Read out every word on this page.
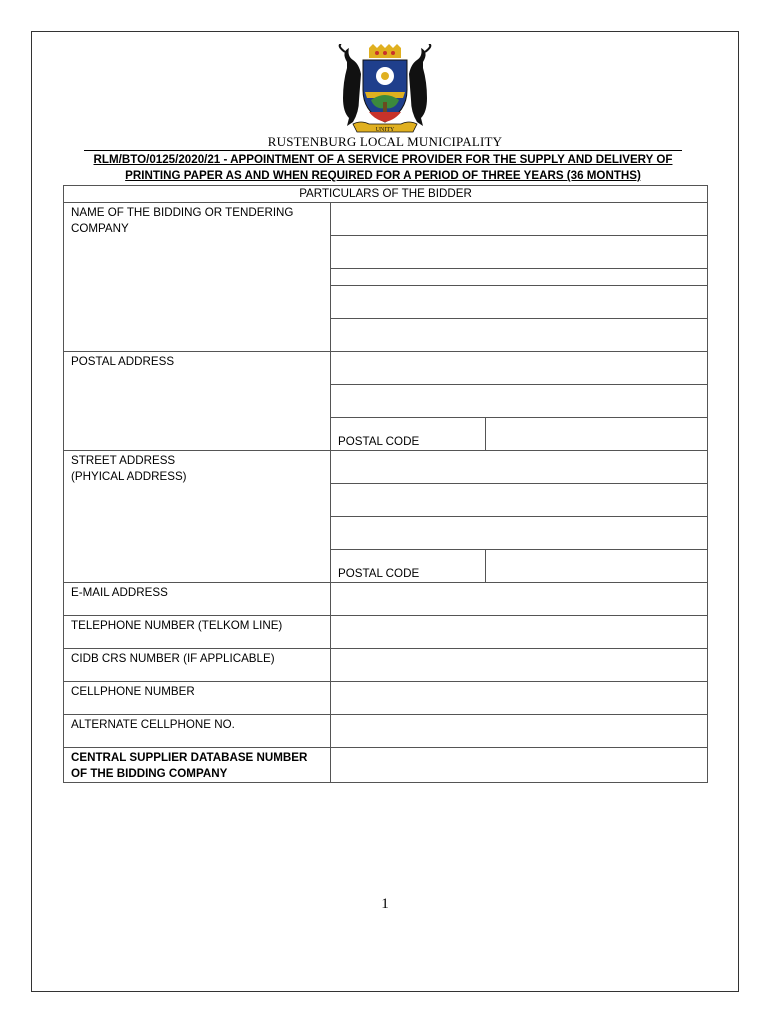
UNITY
RUSTENBURG LOCAL MUNICIPALITY
RLM/BTO/0125/2020/21 - APPOINTMENT OF A SERVICE PROVIDER FOR THE SUPPLY AND DELIVERY OF
PRINTING PAPER AS AND WHEN REQUIRED FOR A PERIOD OF THREE YEARS (36 MONTHS)
PARTICULARS OF THE BIDDER		
NAME OF THE BIDDING OR TENDERING COMPANY		

POSTAL ADDRESS		

	POSTAL CODE	
STREET ADDRESS
(PHYICAL ADDRESS)		

	POSTAL CODE	
E-MAIL ADDRESS		
TELEPHONE NUMBER (TELKOM LINE)		
CIDB CRS NUMBER (IF APPLICABLE)		
CELLPHONE NUMBER		
ALTERNATE CELLPHONE NO.		
CENTRAL SUPPLIER DATABASE NUMBER OF THE BIDDING COMPANY		
1
